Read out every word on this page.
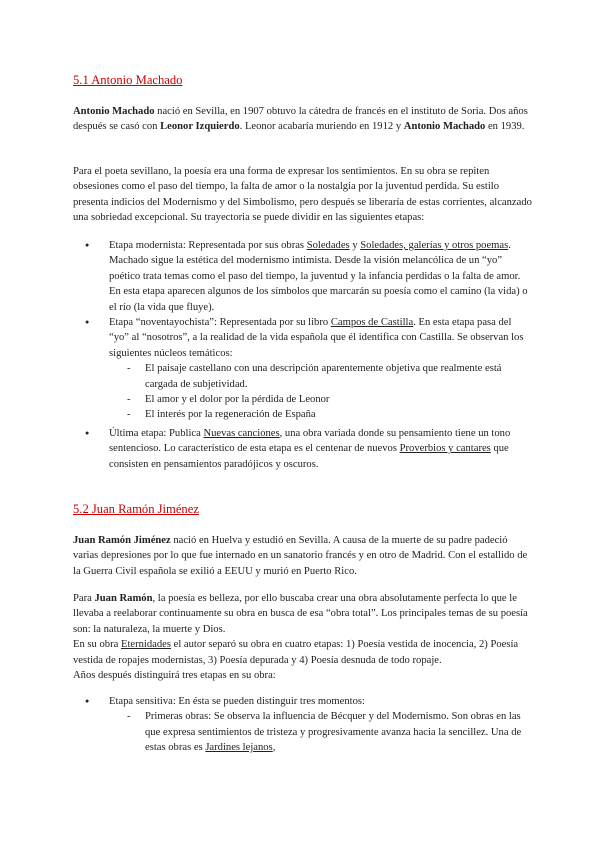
5.1 Antonio Machado

Antonio Machado nació en Sevilla, en 1907 obtuvo la cátedra de francés en el instituto de Soria. Dos años después se casó con Leonor Izquierdo. Leonor acabaría muriendo en 1912 y Antonio Machado en 1939.

Para el poeta sevillano, la poesía era una forma de expresar los sentimientos. En su obra se repiten obsesiones como el paso del tiempo, la falta de amor o la nostalgia por la juventud perdida. Su estilo presenta indicios del Modernismo y del Simbolismo, pero después se liberaría de estas corrientes, alcanzado una sobriedad excepcional. Su trayectoria se puede dividir en las siguientes etapas:

● Etapa modernista: Representada por sus obras Soledades y Soledades, galerías y otros poemas. Machado sigue la estética del modernismo intimista. Desde la visión melancólica de un “yo” poético trata temas como el paso del tiempo, la juventud y la infancia perdidas o la falta de amor. En esta etapa aparecen algunos de los símbolos que marcarán su poesía como el camino (la vida) o el río (la vida que fluye).
● Etapa “noventayochista”: Representada por su libro Campos de Castilla. En esta etapa pasa del “yo” al “nosotros”, a la realidad de la vida española que él identifica con Castilla. Se observan los siguientes núcleos temáticos:
- El paisaje castellano con una descripción aparentemente objetiva que realmente está cargada de subjetividad.
- El amor y el dolor por la pérdida de Leonor
- El interés por la regeneración de España
● Última etapa: Publica Nuevas canciones, una obra variada donde su pensamiento tiene un tono sentencioso. Lo característico de esta etapa es el centenar de nuevos Proverbios y cantares que consisten en pensamientos paradójicos y oscuros.
5.2 Juan Ramón Jiménez

Juan Ramón Jiménez nació en Huelva y estudió en Sevilla. A causa de la muerte de su padre padeció varias depresiones por lo que fue internado en un sanatorio francés y en otro de Madrid. Con el estallido de la Guerra Civil española se exilió a EEUU y murió en Puerto Rico.

Para Juan Ramón, la poesía es belleza, por ello buscaba crear una obra absolutamente perfecta lo que le llevaba a reelaborar continuamente su obra en busca de esa “obra total”. Los principales temas de su poesía son: la naturaleza, la muerte y Dios.

En su obra Eternidades el autor separó su obra en cuatro etapas: 1) Poesía vestida de inocencia, 2) Poesía vestida de ropajes modernistas, 3) Poesía depurada y 4) Poesía desnuda de todo ropaje.

Años después distinguirá tres etapas en su obra:

● Etapa sensitiva: En ésta se pueden distinguir tres momentos:
- Primeras obras: Se observa la influencia de Bécquer y del Modernismo. Son obras en las que expresa sentimientos de tristeza y progresivamente avanza hacia la sencillez. Una de estas obras es Jardines lejanos,
